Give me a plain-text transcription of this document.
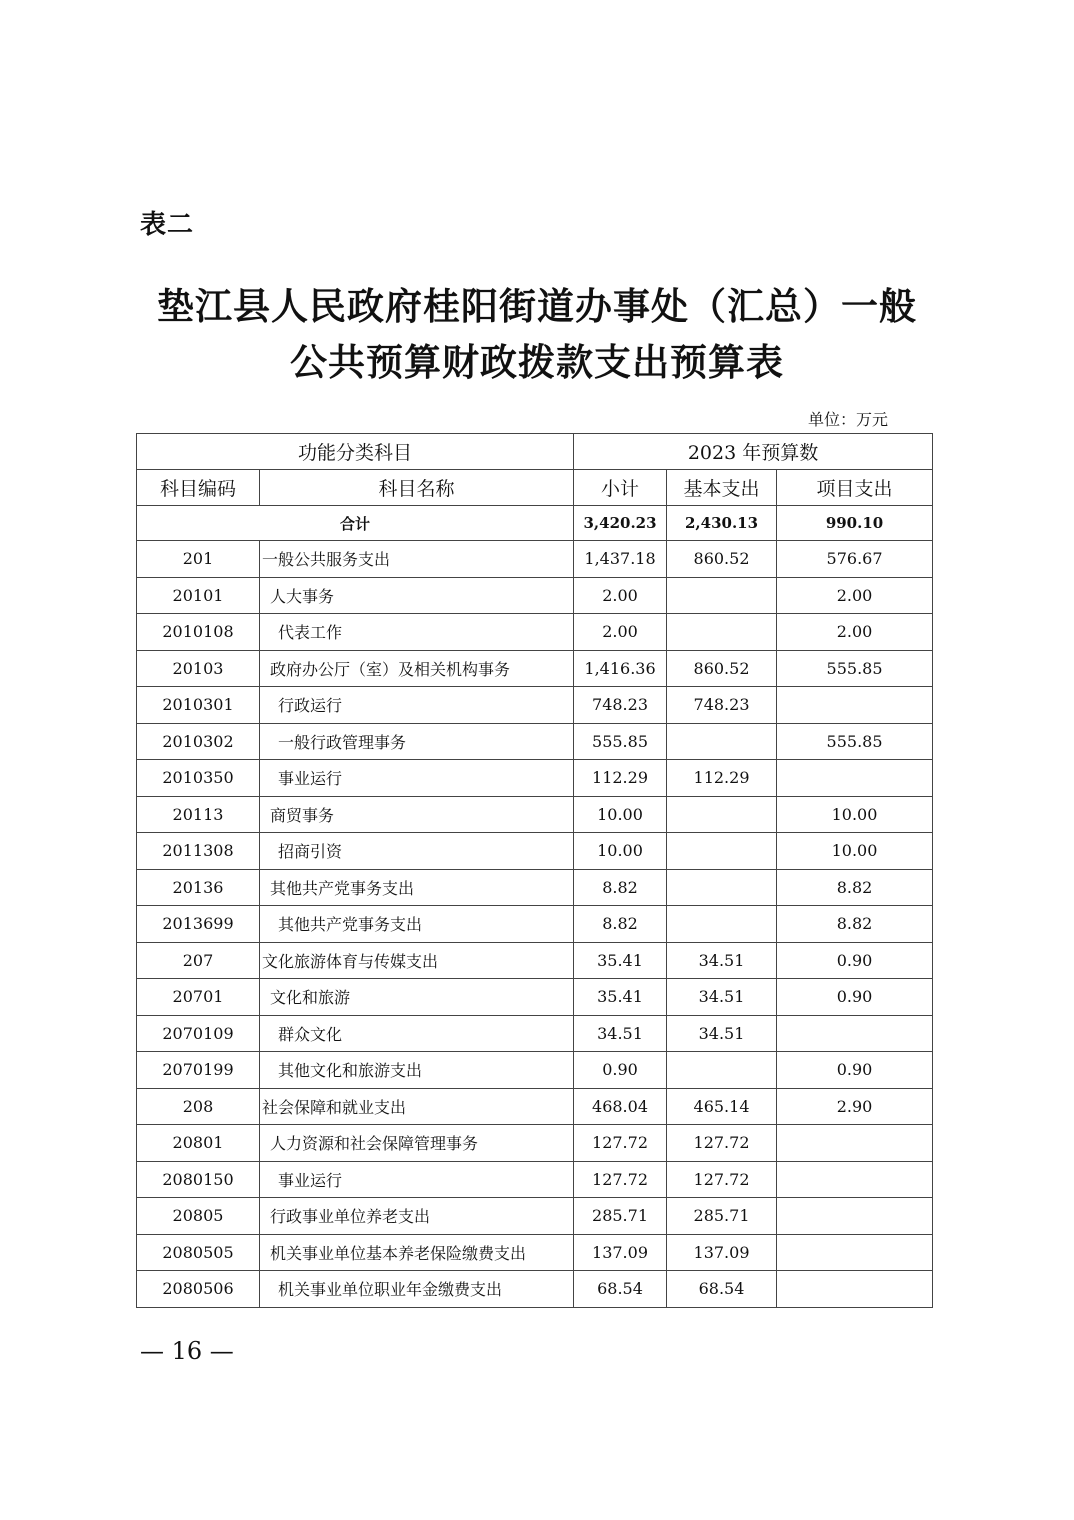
表二
垫江县人民政府桂阳街道办事处（汇总）一般
公共预算财政拨款支出预算表
单位：万元
功能分类科目		2023 年预算数		
科目编码	科目名称	小计	基本支出	项目支出
合计		3,420.23	2,430.13	990.10
201	一般公共服务支出	1,437.18	860.52	576.67
20101	人大事务	2.00		2.00
2010108	代表工作	2.00		2.00
20103	政府办公厅（室）及相关机构事务	1,416.36	860.52	555.85
2010301	行政运行	748.23	748.23	
2010302	一般行政管理事务	555.85		555.85
2010350	事业运行	112.29	112.29	
20113	商贸事务	10.00		10.00
2011308	招商引资	10.00		10.00
20136	其他共产党事务支出	8.82		8.82
2013699	其他共产党事务支出	8.82		8.82
207	文化旅游体育与传媒支出	35.41	34.51	0.90
20701	文化和旅游	35.41	34.51	0.90
2070109	群众文化	34.51	34.51	
2070199	其他文化和旅游支出	0.90		0.90
208	社会保障和就业支出	468.04	465.14	2.90
20801	人力资源和社会保障管理事务	127.72	127.72	
2080150	事业运行	127.72	127.72	
20805	行政事业单位养老支出	285.71	285.71	
2080505	机关事业单位基本养老保险缴费支出	137.09	137.09	
2080506	机关事业单位职业年金缴费支出	68.54	68.54	
— 16 —
